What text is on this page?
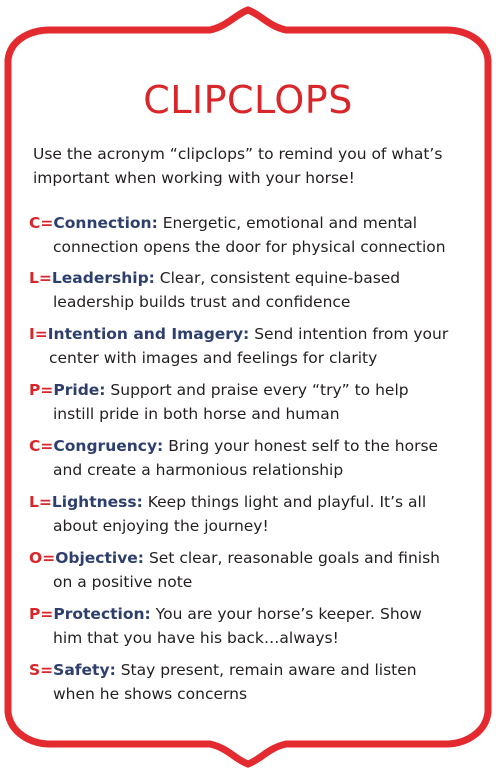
CLIPCLOPS
Use the acronym “clipclops” to remind you of what’s
important when working with your horse!
C=Connection: Energetic, emotional and mental
connection opens the door for physical connection
L=Leadership: Clear, consistent equine-based
leadership builds trust and confidence
I=Intention and Imagery: Send intention from your
center with images and feelings for clarity
P=Pride: Support and praise every “try” to help
instill pride in both horse and human
C=Congruency: Bring your honest self to the horse
and create a harmonious relationship
L=Lightness: Keep things light and playful. It’s all
about enjoying the journey!
O=Objective: Set clear, reasonable goals and finish
on a positive note
P=Protection: You are your horse’s keeper. Show
him that you have his back…always!
S=Safety: Stay present, remain aware and listen
when he shows concerns
